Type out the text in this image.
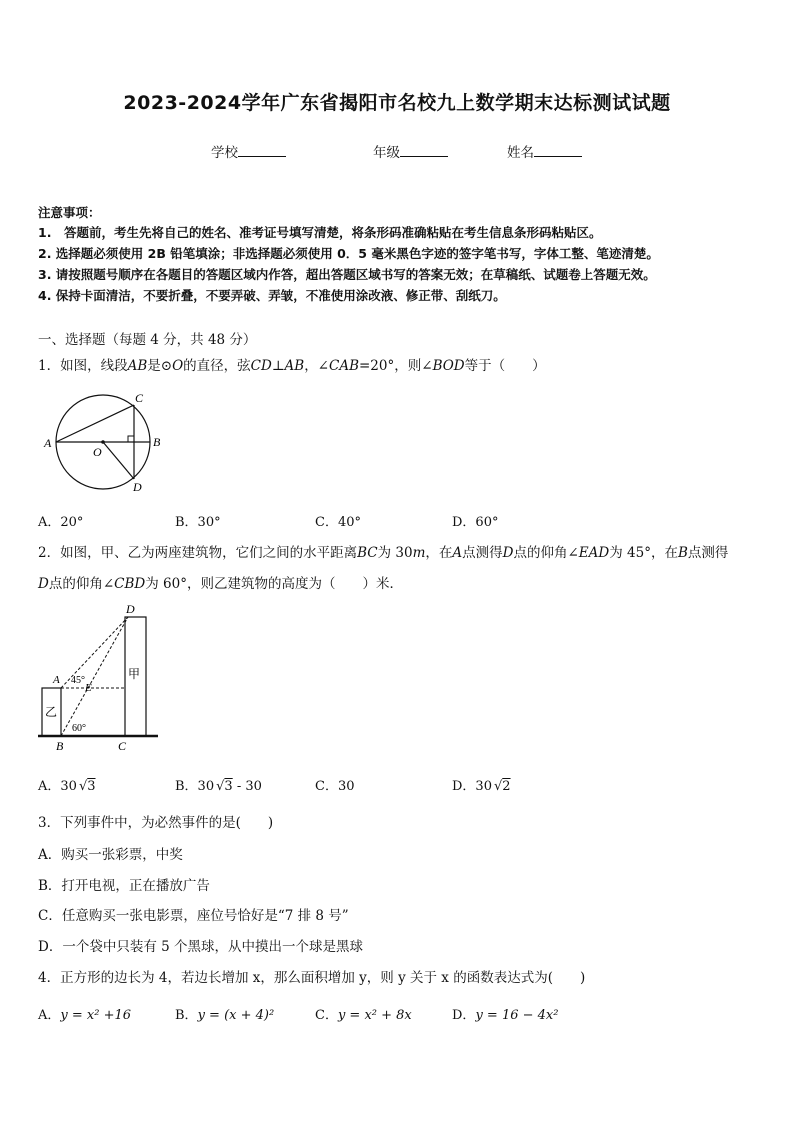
2023-2024学年广东省揭阳市名校九上数学期末达标测试试题
学校	年级	姓名
注意事项：
1.　答题前，考生先将自己的姓名、准考证号填写清楚，将条形码准确粘贴在考生信息条形码粘贴区。
2. 选择题必须使用 2B 铅笔填涂；非选择题必须使用 0．5 毫米黑色字迹的签字笔书写，字体工整、笔迹清楚。
3. 请按照题号顺序在各题目的答题区域内作答，超出答题区域书写的答案无效；在草稿纸、试题卷上答题无效。
4. 保持卡面清洁，不要折叠，不要弄破、弄皱，不准使用涂改液、修正带、刮纸刀。
一、选择题（每题 4 分，共 48 分）
1．如图，线段AB是⊙O的直径，弦CD⊥AB，∠CAB=20°，则∠BOD等于（　　）
A	B
C
D
O
A．20°	B．30°	C．40°	D．60°
2．如图，甲、乙为两座建筑物，它们之间的水平距离BC为 30m，在A点测得D点的仰角∠EAD为 45°，在B点测得
D点的仰角∠CBD为 60°，则乙建筑物的高度为（　　）米．
D
A
E
B	C
甲
乙
45°
60°
A．30 √3	B．30 √3 - 30	C．30	D．30 √2
3．下列事件中，为必然事件的是(　　)
A．购买一张彩票，中奖
B．打开电视，正在播放广告
C．任意购买一张电影票，座位号恰好是“7 排 8 号”
D．一个袋中只装有 5 个黑球，从中摸出一个球是黑球
4．正方形的边长为 4，若边长增加 x，那么面积增加 y，则 y 关于 x 的函数表达式为(　　)
A．y = x² +16	B．y = (x + 4)²	C．y = x² + 8x	D．y = 16 − 4x²
